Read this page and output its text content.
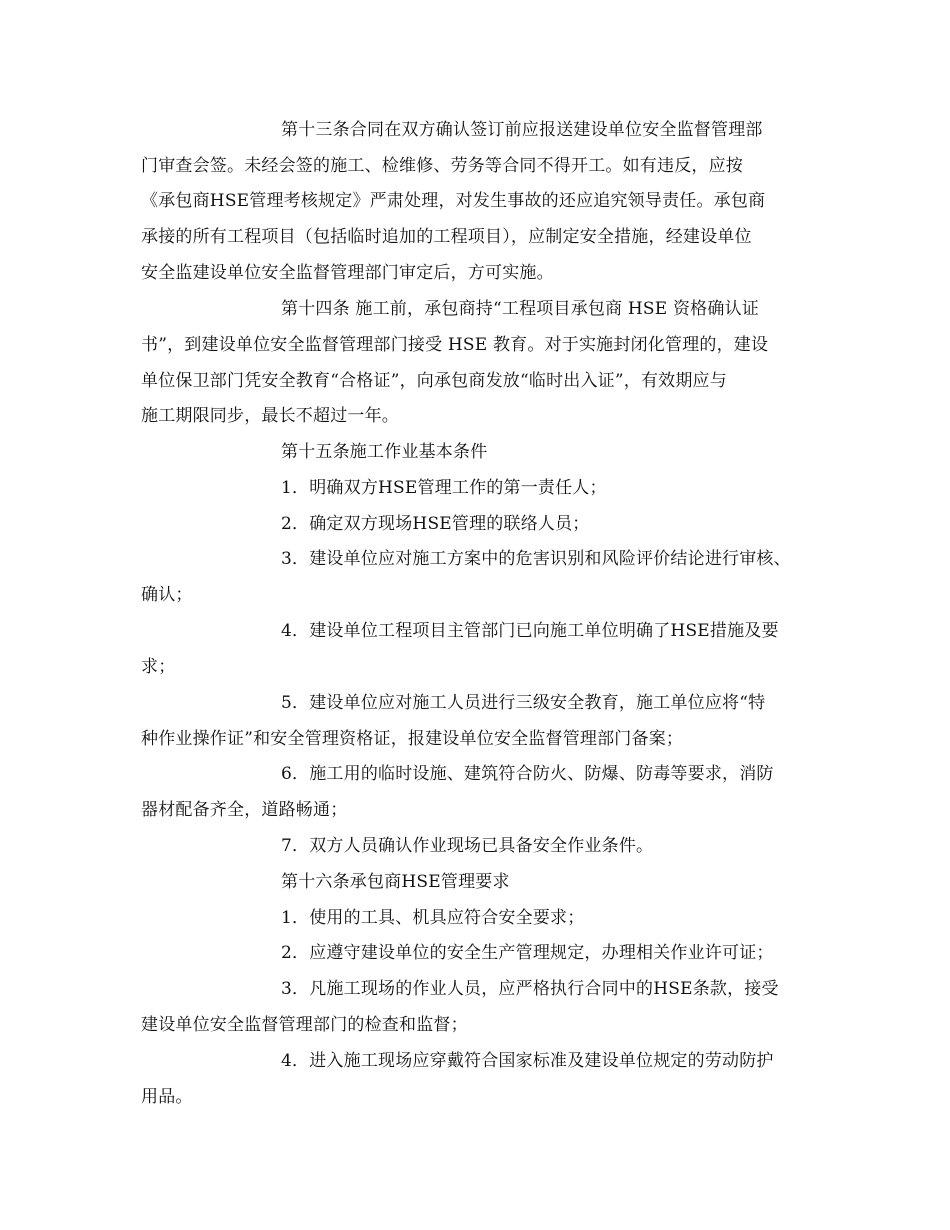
第十三条合同在双方确认签订前应报送建设单位安全监督管理部
门审查会签。未经会签的施工、检维修、劳务等合同不得开工。如有违反，应按
《承包商HSE管理考核规定》严肃处理，对发生事故的还应追究领导责任。承包商
承接的所有工程项目（包括临时追加的工程项目），应制定安全措施，经建设单位
安全监建设单位安全监督管理部门审定后，方可实施。
第十四条 施工前，承包商持“工程项目承包商 HSE 资格确认证
书”，到建设单位安全监督管理部门接受 HSE 教育。对于实施封闭化管理的，建设
单位保卫部门凭安全教育“合格证”，向承包商发放“临时出入证”，有效期应与
施工期限同步，最长不超过一年。
第十五条施工作业基本条件
1．明确双方HSE管理工作的第一责任人；
2．确定双方现场HSE管理的联络人员；
3．建设单位应对施工方案中的危害识别和风险评价结论进行审核、
确认；
4．建设单位工程项目主管部门已向施工单位明确了HSE措施及要
求；
5．建设单位应对施工人员进行三级安全教育，施工单位应将“特
种作业操作证”和安全管理资格证，报建设单位安全监督管理部门备案；
6．施工用的临时设施、建筑符合防火、防爆、防毒等要求，消防
器材配备齐全，道路畅通；
7．双方人员确认作业现场已具备安全作业条件。
第十六条承包商HSE管理要求
1．使用的工具、机具应符合安全要求；
2．应遵守建设单位的安全生产管理规定，办理相关作业许可证；
3．凡施工现场的作业人员，应严格执行合同中的HSE条款，接受
建设单位安全监督管理部门的检查和监督；
4．进入施工现场应穿戴符合国家标准及建设单位规定的劳动防护
用品。
